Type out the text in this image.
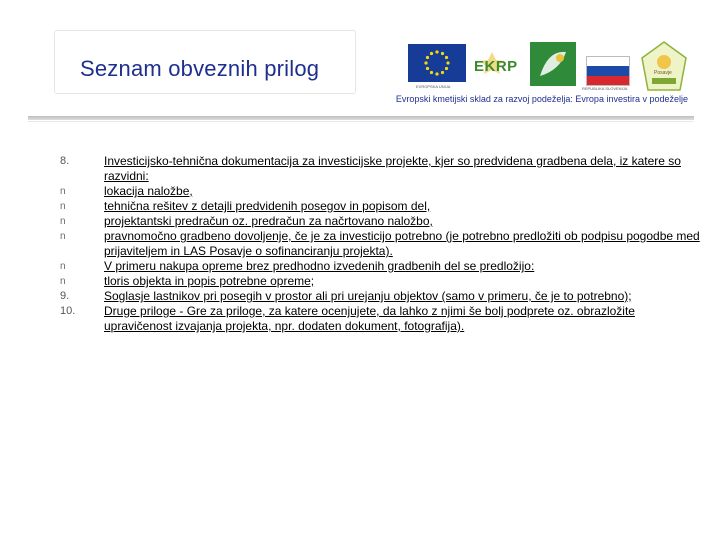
Seznam obveznih prilog
EVROPSKA UNIJA
EKRP
REPUBLIKA SLOVENIJA
Posavje
Evropski kmetijski sklad za razvoj podeželja: Evropa investira v podeželje
8.	Investicijsko-tehnična dokumentacija za investicijske projekte, kjer so predvidena gradbena dela, iz katere so razvidni:
n	lokacija naložbe,
n	tehnična rešitev z detajli predvidenih posegov in popisom del,
n	projektantski predračun oz. predračun za načrtovano naložbo,
n	pravnomočno gradbeno dovoljenje, če je za investicijo potrebno (je potrebno predložiti ob podpisu pogodbe med prijaviteljem in LAS Posavje o sofinanciranju projekta).
n	V primeru nakupa opreme brez predhodno izvedenih gradbenih del se predložijo:
n	tloris objekta in popis potrebne opreme;
9.	Soglasje lastnikov pri posegih v prostor ali pri urejanju objektov (samo v primeru, če je to potrebno);
10.	Druge priloge - Gre za priloge, za katere ocenjujete, da lahko z njimi še bolj podprete oz. obrazložite upravičenost izvajanja projekta, npr. dodaten dokument, fotografija).
